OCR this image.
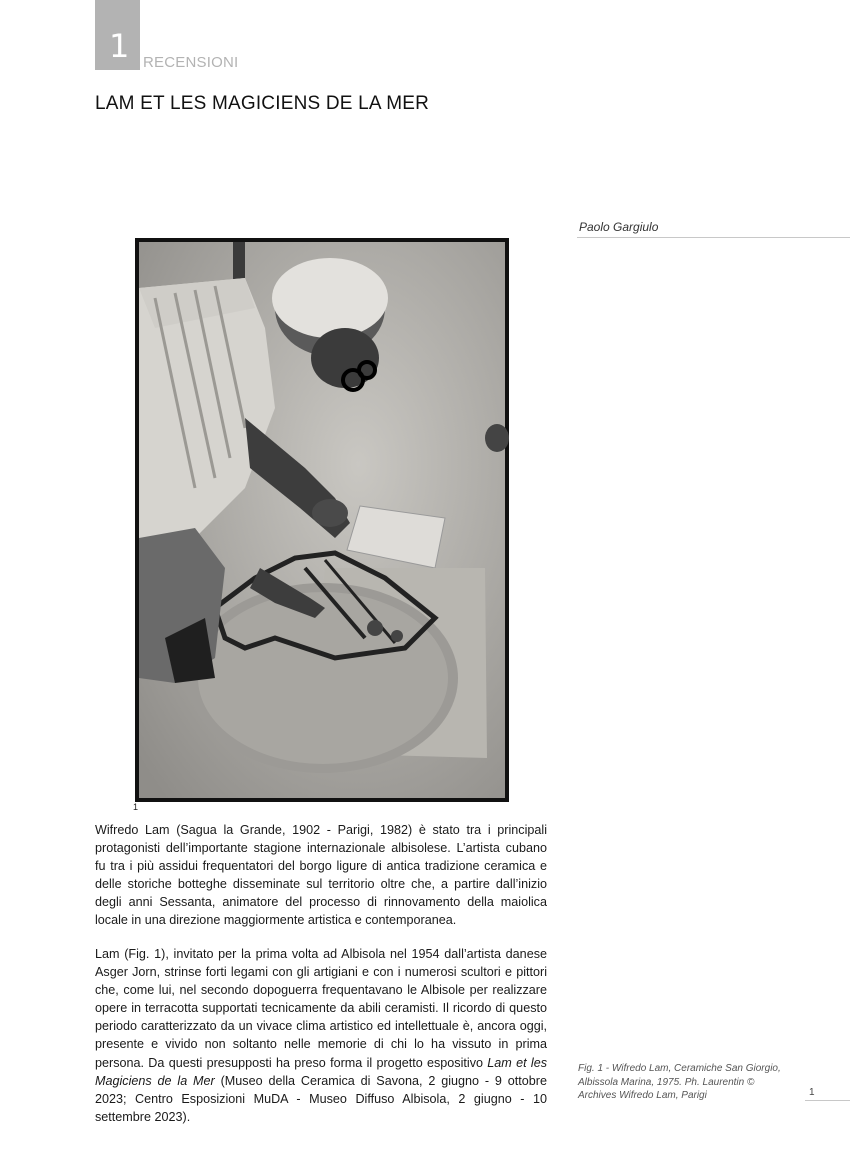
1 RECENSIONI
LAM ET LES MAGICIENS DE LA MER
Paolo Gargiulo
1
Wifredo Lam (Sagua la Grande, 1902 - Parigi, 1982) è stato tra i principali protagonisti dell’importante stagione internazionale albisolese. L’artista cubano fu tra i più assidui frequentatori del borgo ligure di antica tradizione ceramica e delle storiche botteghe disseminate sul territorio oltre che, a partire dall’inizio degli anni Sessanta, animatore del processo di rinnovamento della maiolica locale in una direzione maggiormente artistica e contemporanea.
Lam (Fig. 1), invitato per la prima volta ad Albisola nel 1954 dall’artista danese Asger Jorn, strinse forti legami con gli artigiani e con i numerosi scultori e pittori che, come lui, nel secondo dopoguerra frequentavano le Albisole per realizzare opere in terracotta supportati tecnicamente da abili ceramisti. Il ricordo di questo periodo caratterizzato da un vivace clima artistico ed intellettuale è, ancora oggi, presente e vivido non soltanto nelle memorie di chi lo ha vissuto in prima persona. Da questi presupposti ha preso forma il progetto espositivo Lam et les Magiciens de la Mer (Museo della Ceramica di Savona, 2 giugno - 9 ottobre 2023; Centro Esposizioni MuDA - Museo Diffuso Albisola, 2 giugno - 10 settembre 2023).
Fig. 1 - Wifredo Lam, Ceramiche San Giorgio, Albissola Marina, 1975. Ph. Laurentin © Archives Wifredo Lam, Parigi	1
